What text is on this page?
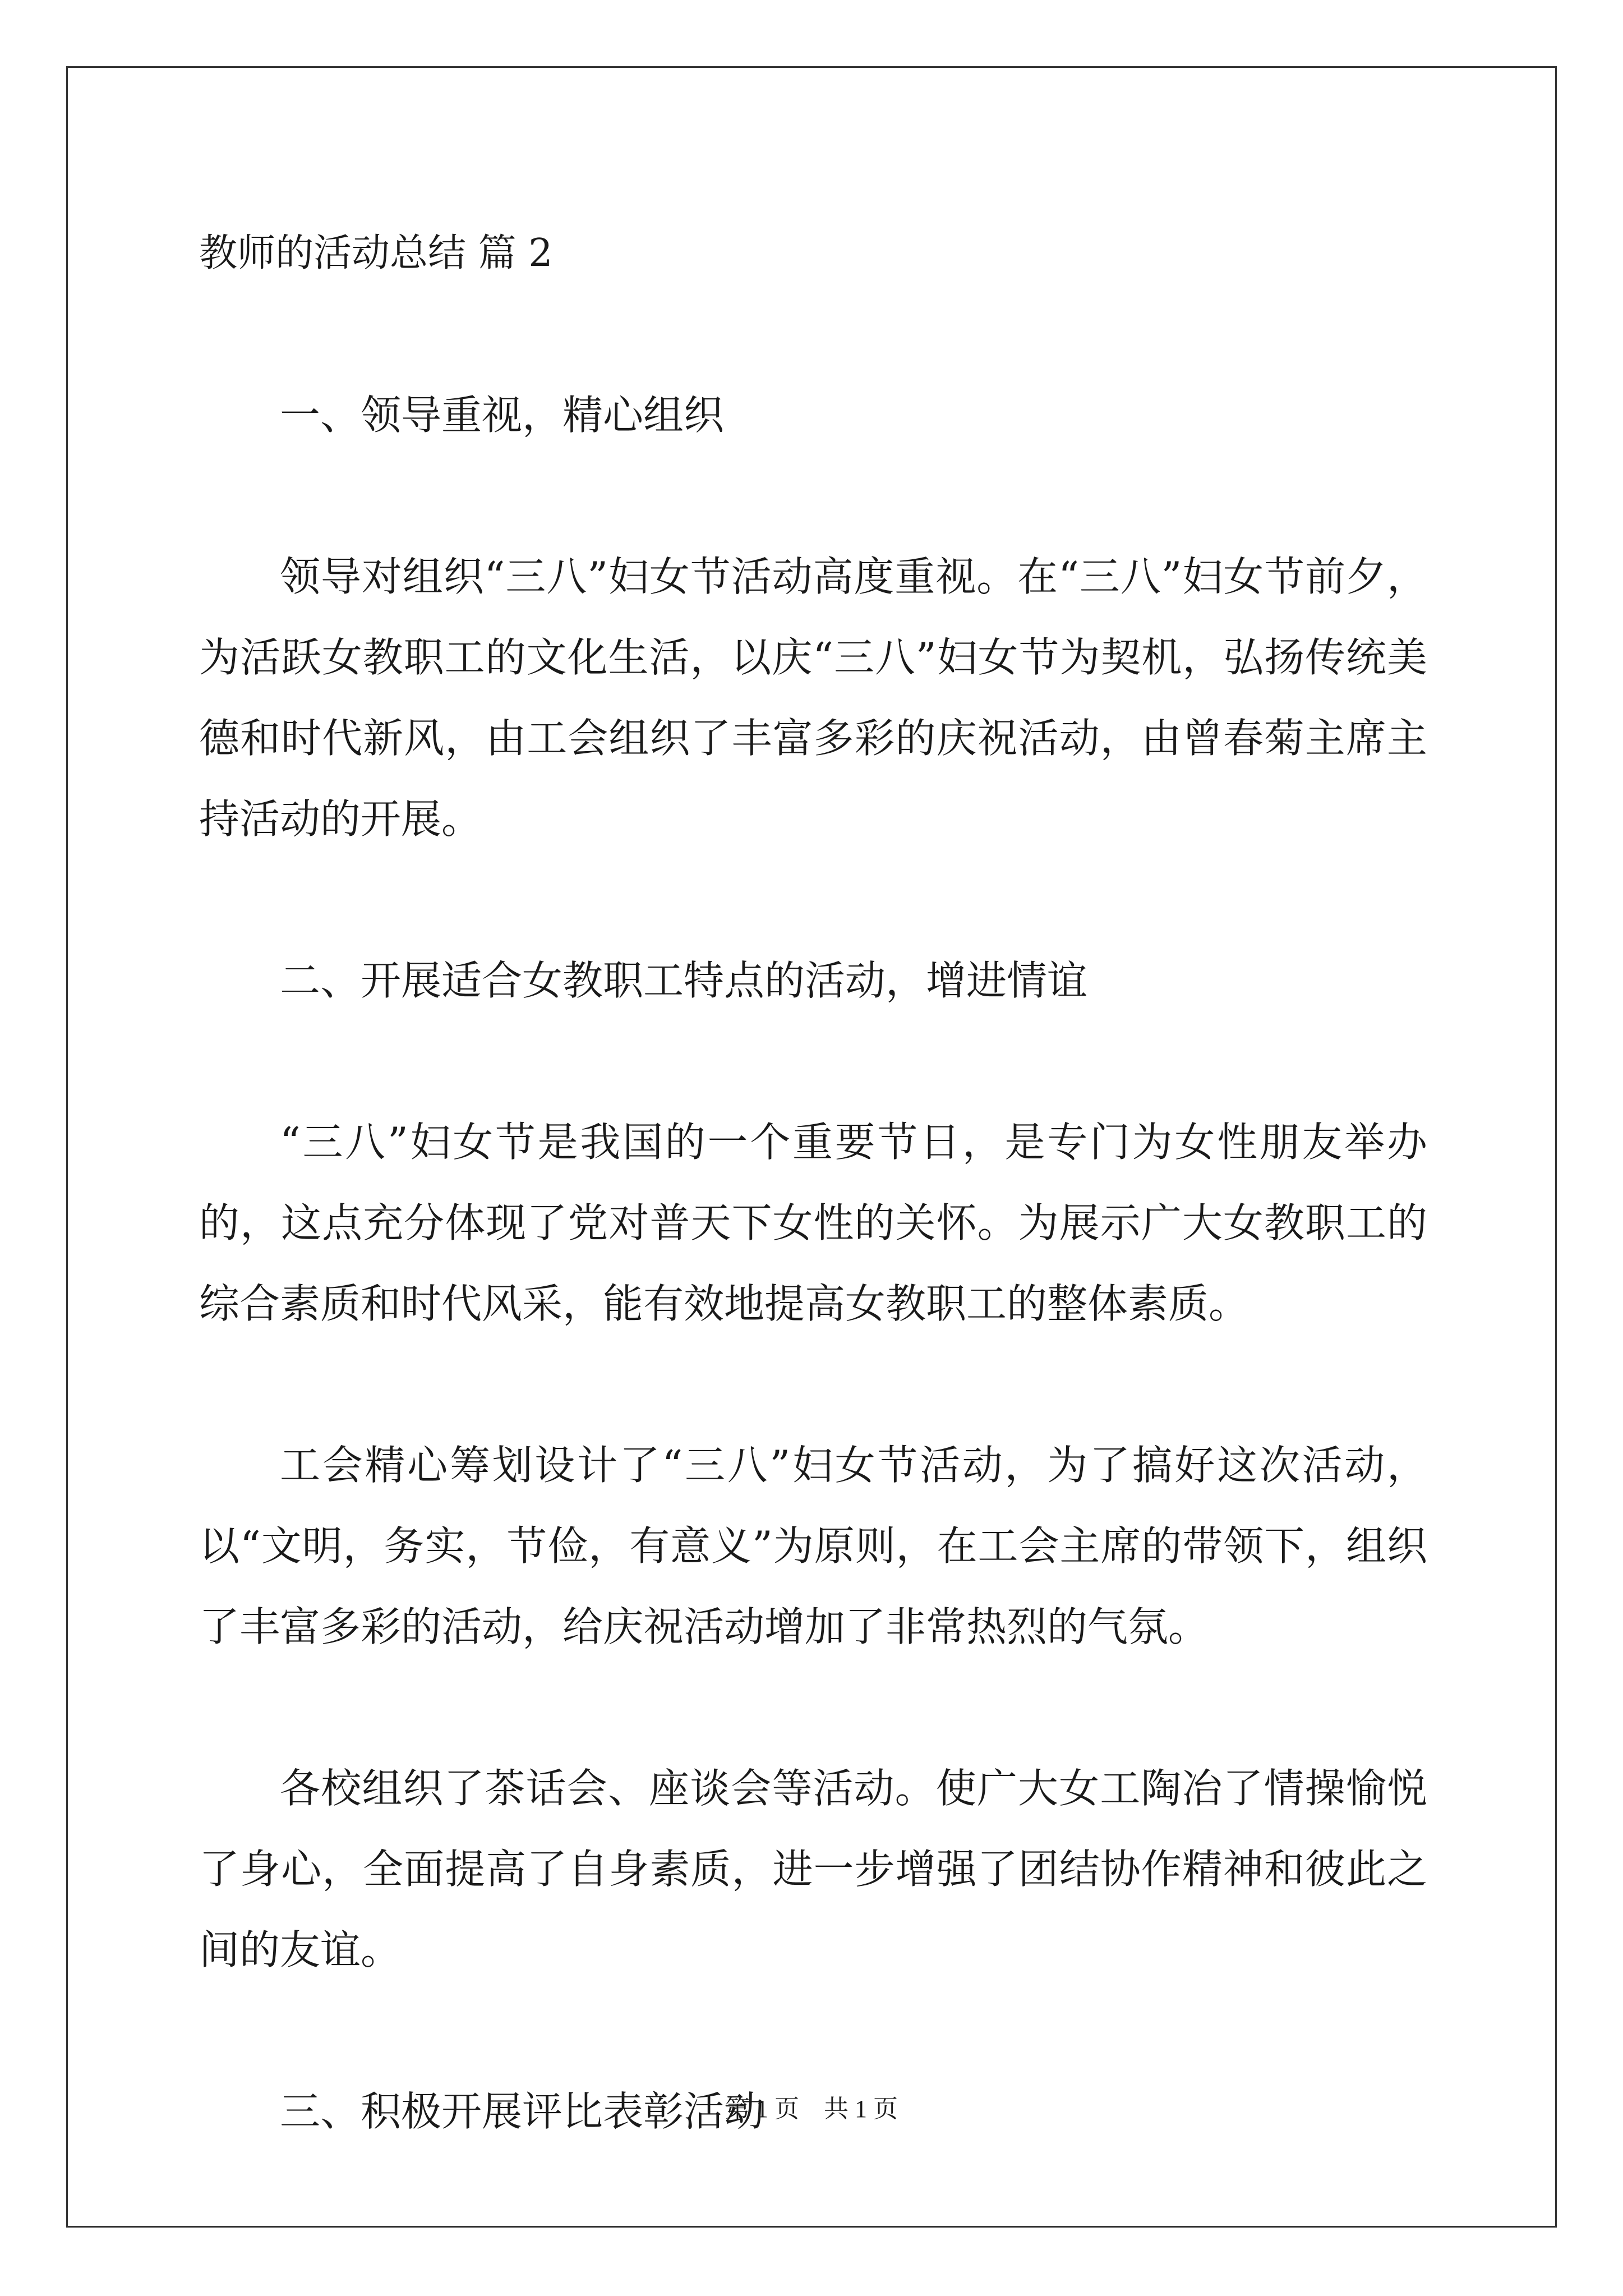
教师的活动总结 篇 2

一、领导重视，精心组织

领导对组织“三八”妇女节活动高度重视。在“三八”妇女节前夕，为活跃女教职工的文化生活，以庆“三八”妇女节为契机，弘扬传统美德和时代新风，由工会组织了丰富多彩的庆祝活动，由曾春菊主席主持活动的开展。

二、开展适合女教职工特点的活动，增进情谊

“三八”妇女节是我国的一个重要节日，是专门为女性朋友举办的，这点充分体现了党对普天下女性的关怀。为展示广大女教职工的综合素质和时代风采，能有效地提高女教职工的整体素质。

工会精心筹划设计了“三八”妇女节活动，为了搞好这次活动，以“文明，务实，节俭，有意义”为原则，在工会主席的带领下，组织了丰富多彩的活动，给庆祝活动增加了非常热烈的气氛。

各校组织了茶话会、座谈会等活动。使广大女工陶冶了情操愉悦了身心，全面提高了自身素质，进一步增强了团结协作精神和彼此之间的友谊。

三、积极开展评比表彰活动

第 1 页　共 1 页
